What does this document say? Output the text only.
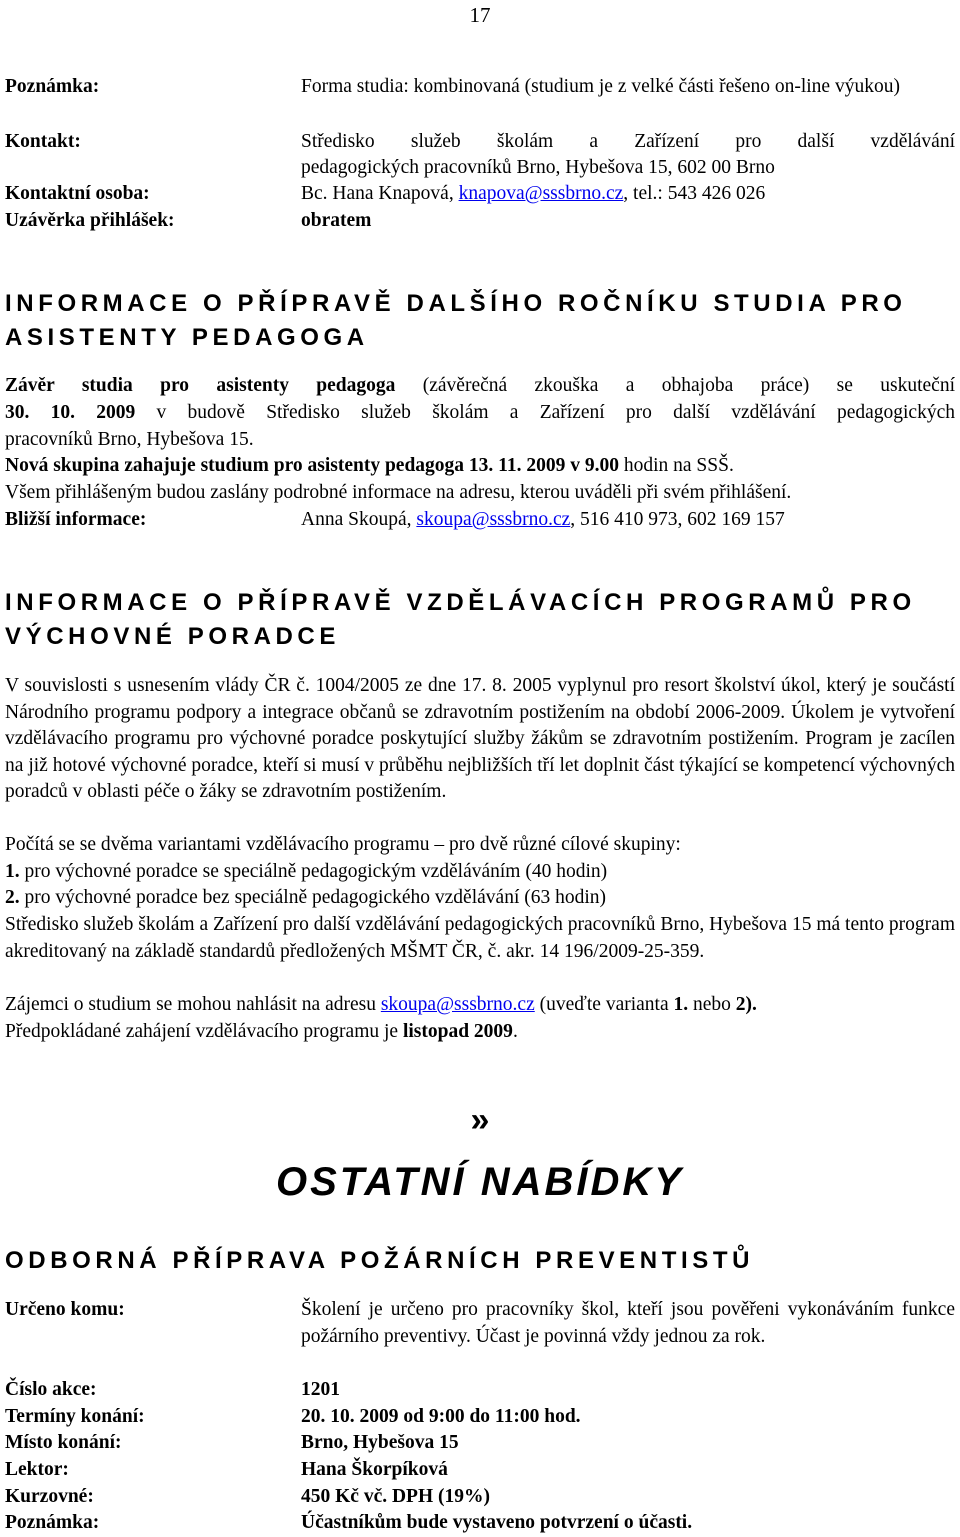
17
Poznámka:	Forma studia: kombinovaná (studium je z velké části řešeno on-line výukou)
Kontakt:	Středisko služeb školám a Zařízení pro další vzdělávání
pedagogických pracovníků Brno, Hybešova 15, 602 00 Brno
Kontaktní osoba:	Bc. Hana Knapová, knapova@sssbrno.cz, tel.: 543 426 026
Uzávěrka přihlášek:	obratem
INFORMACE O PŘÍPRAVĚ DALŠÍHO ROČNÍKU STUDIA PRO
ASISTENTY PEDAGOGA
Závěr studia pro asistenty pedagoga (závěrečná zkouška a obhajoba práce) se uskuteční
30. 10. 2009 v budově Středisko služeb školám a Zařízení pro další vzdělávání pedagogických
pracovníků Brno, Hybešova 15.
Nová skupina zahajuje studium pro asistenty pedagoga 13. 11. 2009 v 9.00 hodin na SSŠ.
Všem přihlášeným budou zaslány podrobné informace na adresu, kterou uváděli při svém přihlášení.
Bližší informace:	Anna Skoupá, skoupa@sssbrno.cz, 516 410 973, 602 169 157
INFORMACE O PŘÍPRAVĚ VZDĚLÁVACÍCH PROGRAMŮ PRO
VÝCHOVNÉ PORADCE
V souvislosti s usnesením vlády ČR č. 1004/2005 ze dne 17. 8. 2005 vyplynul pro resort školství úkol, který je součástí Národního programu podpory a integrace občanů se zdravotním postižením na období 2006-2009. Úkolem je vytvoření vzdělávacího programu pro výchovné poradce poskytující služby žákům se zdravotním postižením. Program je zacílen na již hotové výchovné poradce, kteří si musí v průběhu nejbližších tří let doplnit část týkající se kompetencí výchovných poradců v oblasti péče o žáky se zdravotním postižením.
Počítá se se dvěma variantami vzdělávacího programu – pro dvě různé cílové skupiny:
1. pro výchovné poradce se speciálně pedagogickým vzděláváním (40 hodin)
2. pro výchovné poradce bez speciálně pedagogického vzdělávání (63 hodin)
Středisko služeb školám a Zařízení pro další vzdělávání pedagogických pracovníků Brno, Hybešova 15 má tento program akreditovaný na základě standardů předložených MŠMT ČR, č. akr. 14 196/2009-25-359.
Zájemci o studium se mohou nahlásit na adresu skoupa@sssbrno.cz (uveďte varianta 1. nebo 2).
Předpokládané zahájení vzdělávacího programu je listopad 2009.
»
OSTATNÍ NABÍDKY
ODBORNÁ PŘÍPRAVA POŽÁRNÍCH PREVENTISTŮ
Určeno komu:	Školení je určeno pro pracovníky škol, kteří jsou pověřeni vykonáváním funkce požárního preventivy. Účast je povinná vždy jednou za rok.
Číslo akce:	1201
Termíny konání:	20. 10. 2009 od 9:00 do 11:00 hod.
Místo konání:	Brno, Hybešova 15
Lektor:	Hana Škorpíková
Kurzovné:	450 Kč vč. DPH (19%)
Poznámka:	Účastníkům bude vystaveno potvrzení o účasti.
